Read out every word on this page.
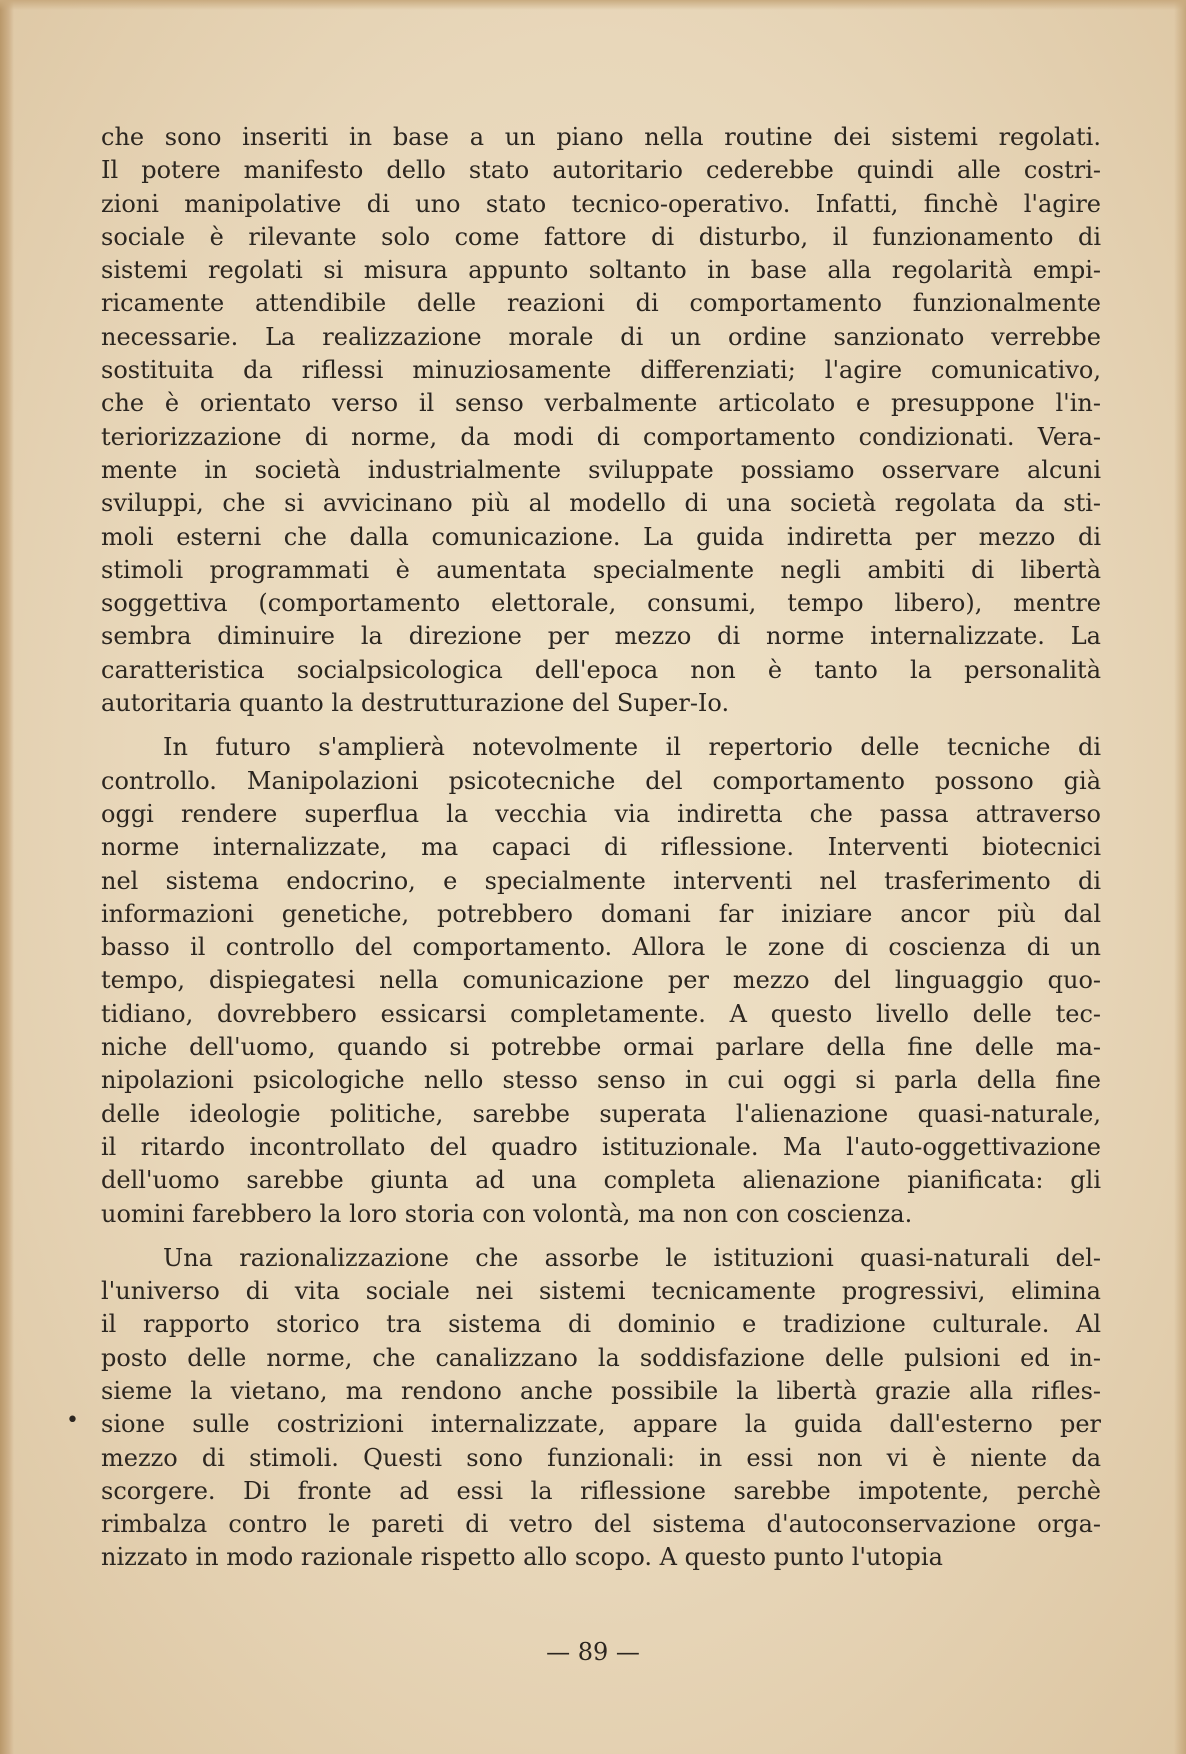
che sono inseriti in base a un piano nella routine dei sistemi regolati.
Il potere manifesto dello stato autoritario cederebbe quindi alle costri-
zioni manipolative di uno stato tecnico-operativo. Infatti, finchè l'agire
sociale è rilevante solo come fattore di disturbo, il funzionamento di
sistemi regolati si misura appunto soltanto in base alla regolarità empi-
ricamente attendibile delle reazioni di comportamento funzionalmente
necessarie. La realizzazione morale di un ordine sanzionato verrebbe
sostituita da riflessi minuziosamente differenziati; l'agire comunicativo,
che è orientato verso il senso verbalmente articolato e presuppone l'in-
teriorizzazione di norme, da modi di comportamento condizionati. Vera-
mente in società industrialmente sviluppate possiamo osservare alcuni
sviluppi, che si avvicinano più al modello di una società regolata da sti-
moli esterni che dalla comunicazione. La guida indiretta per mezzo di
stimoli programmati è aumentata specialmente negli ambiti di libertà
soggettiva (comportamento elettorale, consumi, tempo libero), mentre
sembra diminuire la direzione per mezzo di norme internalizzate. La
caratteristica socialpsicologica dell'epoca non è tanto la personalità
autoritaria quanto la destrutturazione del Super-Io.
In futuro s'amplierà notevolmente il repertorio delle tecniche di
controllo. Manipolazioni psicotecniche del comportamento possono già
oggi rendere superflua la vecchia via indiretta che passa attraverso
norme internalizzate, ma capaci di riflessione. Interventi biotecnici
nel sistema endocrino, e specialmente interventi nel trasferimento di
informazioni genetiche, potrebbero domani far iniziare ancor più dal
basso il controllo del comportamento. Allora le zone di coscienza di un
tempo, dispiegatesi nella comunicazione per mezzo del linguaggio quo-
tidiano, dovrebbero essicarsi completamente. A questo livello delle tec-
niche dell'uomo, quando si potrebbe ormai parlare della fine delle ma-
nipolazioni psicologiche nello stesso senso in cui oggi si parla della fine
delle ideologie politiche, sarebbe superata l'alienazione quasi-naturale,
il ritardo incontrollato del quadro istituzionale. Ma l'auto-oggettivazione
dell'uomo sarebbe giunta ad una completa alienazione pianificata: gli
uomini farebbero la loro storia con volontà, ma non con coscienza.
Una razionalizzazione che assorbe le istituzioni quasi-naturali del-
l'universo di vita sociale nei sistemi tecnicamente progressivi, elimina
il rapporto storico tra sistema di dominio e tradizione culturale. Al
posto delle norme, che canalizzano la soddisfazione delle pulsioni ed in-
sieme la vietano, ma rendono anche possibile la libertà grazie alla rifles-
sione sulle costrizioni internalizzate, appare la guida dall'esterno per
mezzo di stimoli. Questi sono funzionali: in essi non vi è niente da
scorgere. Di fronte ad essi la riflessione sarebbe impotente, perchè
rimbalza contro le pareti di vetro del sistema d'autoconservazione orga-
nizzato in modo razionale rispetto allo scopo. A questo punto l'utopia
•
— 89 —
